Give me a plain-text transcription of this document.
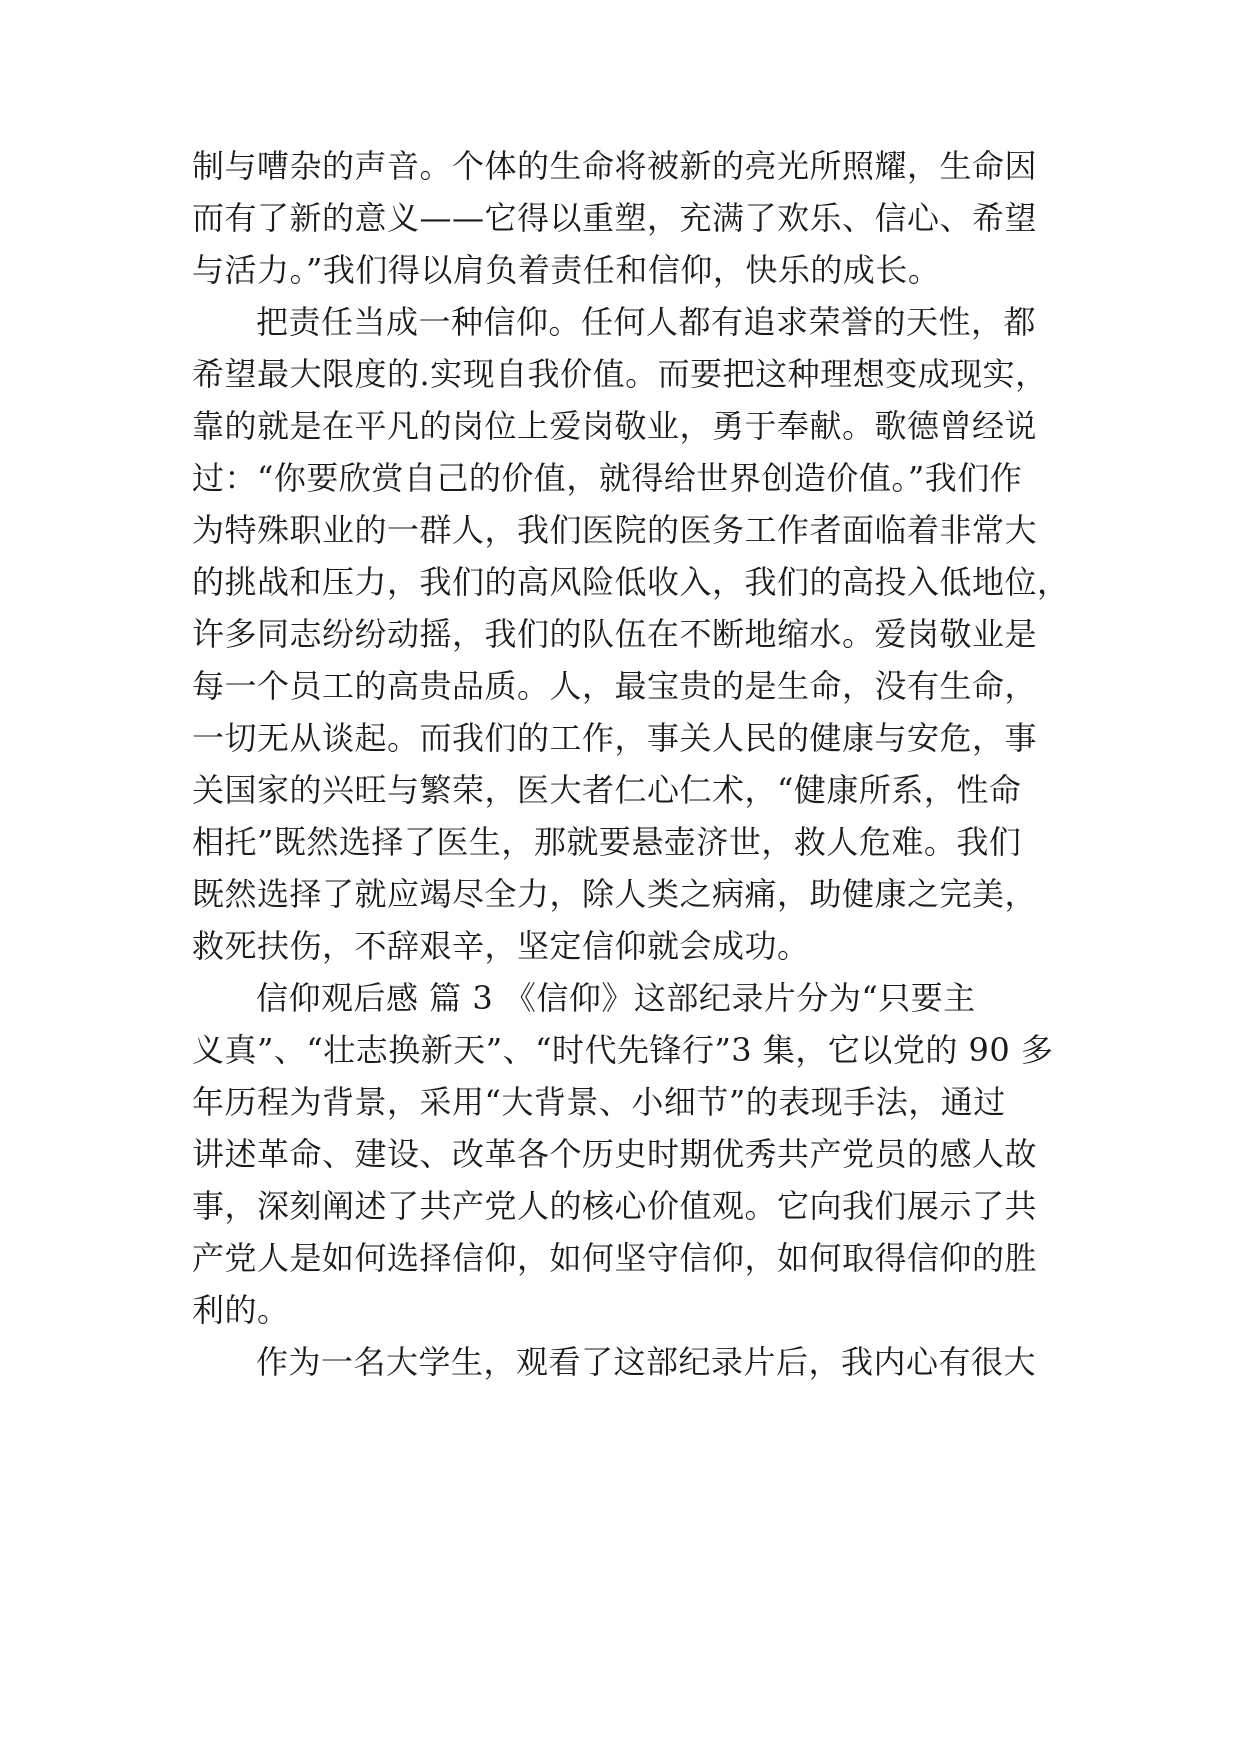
制与嘈杂的声音。个体的生命将被新的亮光所照耀，生命因
而有了新的意义——它得以重塑，充满了欢乐、信心、希望
与活力。”我们得以肩负着责任和信仰，快乐的成长。
把责任当成一种信仰。任何人都有追求荣誉的天性，都
希望最大限度的.实现自我价值。而要把这种理想变成现实，
靠的就是在平凡的岗位上爱岗敬业，勇于奉献。歌德曾经说
过：“你要欣赏自己的价值，就得给世界创造价值。”我们作
为特殊职业的一群人，我们医院的医务工作者面临着非常大
的挑战和压力，我们的高风险低收入，我们的高投入低地位，
许多同志纷纷动摇，我们的队伍在不断地缩水。爱岗敬业是
每一个员工的高贵品质。人，最宝贵的是生命，没有生命，
一切无从谈起。而我们的工作，事关人民的健康与安危，事
关国家的兴旺与繁荣，医大者仁心仁术，“健康所系，性命
相托”既然选择了医生，那就要悬壶济世，救人危难。我们
既然选择了就应竭尽全力，除人类之病痛，助健康之完美，
救死扶伤，不辞艰辛，坚定信仰就会成功。
信仰观后感 篇 3 《信仰》这部纪录片分为“只要主
义真”、“壮志换新天”、“时代先锋行”3 集，它以党的 90 多
年历程为背景，采用“大背景、小细节”的表现手法，通过
讲述革命、建设、改革各个历史时期优秀共产党员的感人故
事，深刻阐述了共产党人的核心价值观。它向我们展示了共
产党人是如何选择信仰，如何坚守信仰，如何取得信仰的胜
利的。
作为一名大学生，观看了这部纪录片后，我内心有很大
